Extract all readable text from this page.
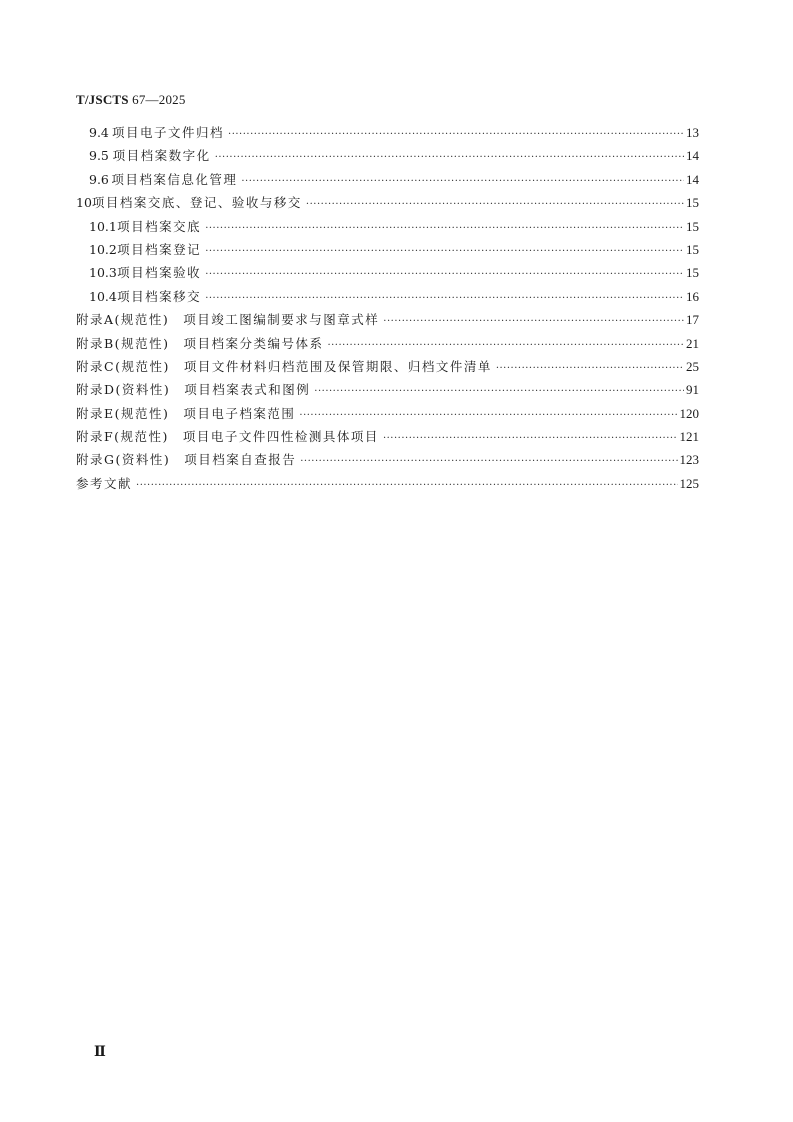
T/JSCTS 67—2025
9.4 项目电子文件归档 ·····	13
9.5 项目档案数字化 ·····	14
9.6 项目档案信息化管理 ·····	14
10 项目档案交底、登记、验收与移交 ·····	15
10.1 项目档案交底 ·····	15
10.2 项目档案登记 ·····	15
10.3 项目档案验收 ·····	15
10.4 项目档案移交 ·····	16
附录A(规范性)　项目竣工图编制要求与图章式样 ·····	17
附录B(规范性)　项目档案分类编号体系 ·····	21
附录C(规范性)　项目文件材料归档范围及保管期限、归档文件清单 ·····	25
附录D(资料性)　项目档案表式和图例 ·····	91
附录E(规范性)　项目电子档案范围 ·····	120
附录F(规范性)　项目电子文件四性检测具体项目 ·····	121
附录G(资料性)　项目档案自查报告 ·····	123
参考文献 ·····	125
Ⅱ
